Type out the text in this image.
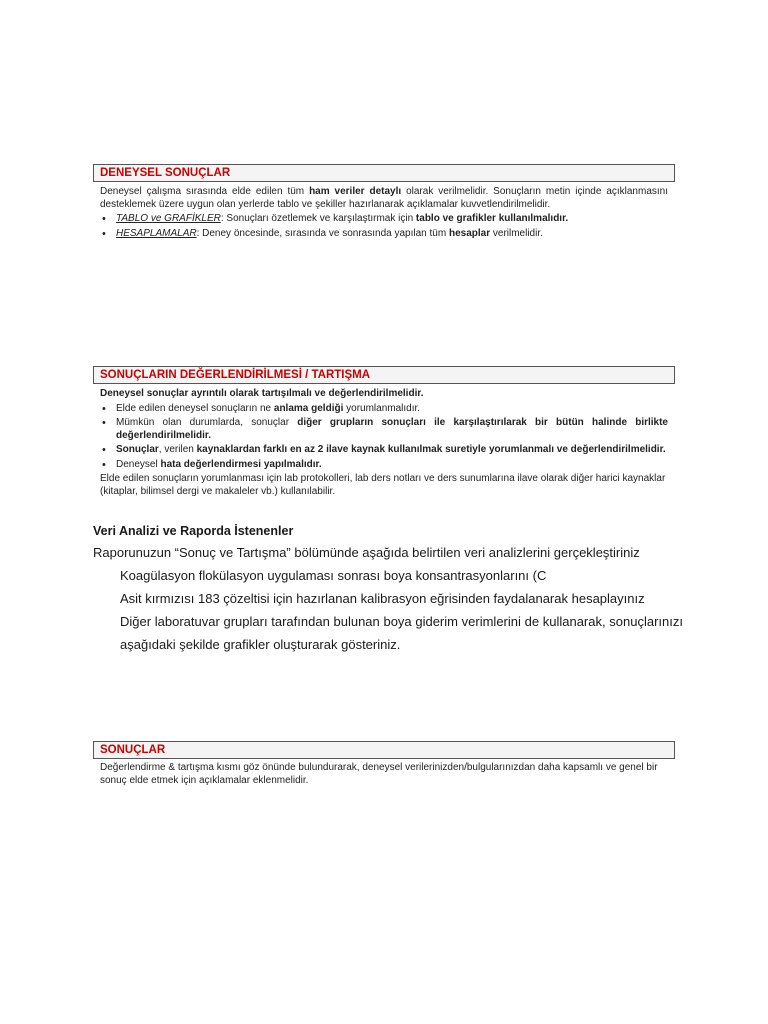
DENEYSEL SONUÇLAR

Deneysel çalışma sırasında elde edilen tüm ham veriler detaylı olarak verilmelidir. Sonuçların metin içinde açıklanmasını desteklemek üzere uygun olan yerlerde tablo ve şekiller hazırlanarak açıklamalar kuvvetlendirilmelidir.

• TABLO ve GRAFİKLER: Sonuçları özetlemek ve karşılaştırmak için tablo ve grafikler kullanılmalıdır.
• HESAPLAMALAR: Deney öncesinde, sırasında ve sonrasında yapılan tüm hesaplar verilmelidir.
SONUÇLARIN DEĞERLENDİRİLMESİ / TARTIŞMA

Deneysel sonuçlar ayrıntılı olarak tartışılmalı ve değerlendirilmelidir.

• Elde edilen deneysel sonuçların ne anlama geldiği yorumlanmalıdır.
• Mümkün olan durumlarda, sonuçlar diğer grupların sonuçları ile karşılaştırılarak bir bütün halinde birlikte değerlendirilmelidir.
• Sonuçlar, verilen kaynaklardan farklı en az 2 ilave kaynak kullanılmak suretiyle yorumlanmalı ve değerlendirilmelidir.
• Deneysel hata değerlendirmesi yapılmalıdır.

Elde edilen sonuçların yorumlanması için lab protokolleri, lab ders notları ve ders sunumlarına ilave olarak diğer harici kaynaklar (kitaplar, bilimsel dergi ve makaleler vb.) kullanılabilir.

Veri Analizi ve Raporda İstenenler
Raporunuzun “Sonuç ve Tartışma” bölümünde aşağıda belirtilen veri analizlerini gerçekleştiriniz
Koagülasyon flokülasyon uygulaması sonrası boya konsantrasyonlarını (C
Asit kırmızısı 183 çözeltisi için hazırlanan kalibrasyon eğrisinden faydalanarak hesaplayınız
Diğer laboratuvar grupları tarafından bulunan boya giderim verimlerini de kullanarak, sonuçlarınızı aşağıdaki şekilde grafikler oluşturarak gösteriniz.
SONUÇLAR

Değerlendirme & tartışma kısmı göz önünde bulundurarak, deneysel verilerinizden/bulgularınızdan daha kapsamlı ve genel bir sonuç elde etmek için açıklamalar eklenmelidir.
